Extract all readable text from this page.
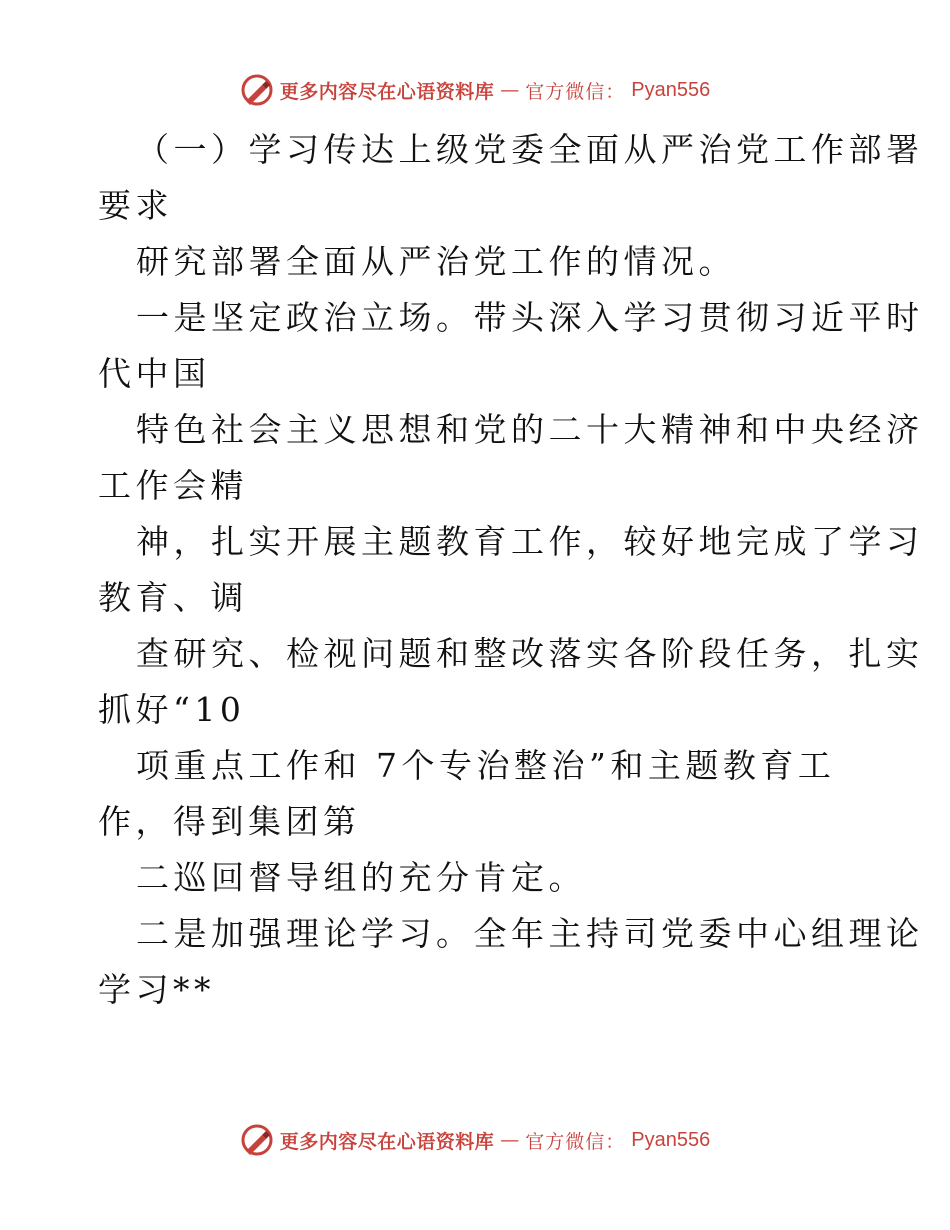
更多内容尽在心语资料库 — 官方微信： Pyan556
（一）学习传达上级党委全面从严治党工作部署
要求
研究部署全面从严治党工作的情况。
一是坚定政治立场。带头深入学习贯彻习近平时
代中国
特色社会主义思想和党的二十大精神和中央经济
工作会精
神，扎实开展主题教育工作，较好地完成了学习
教育、调
查研究、检视问题和整改落实各阶段任务，扎实
抓好“10
项重点工作和 7个专治整治”和主题教育工
作，得到集团第
二巡回督导组的充分肯定。
二是加强理论学习。全年主持司党委中心组理论
学习**
更多内容尽在心语资料库 — 官方微信： Pyan556
